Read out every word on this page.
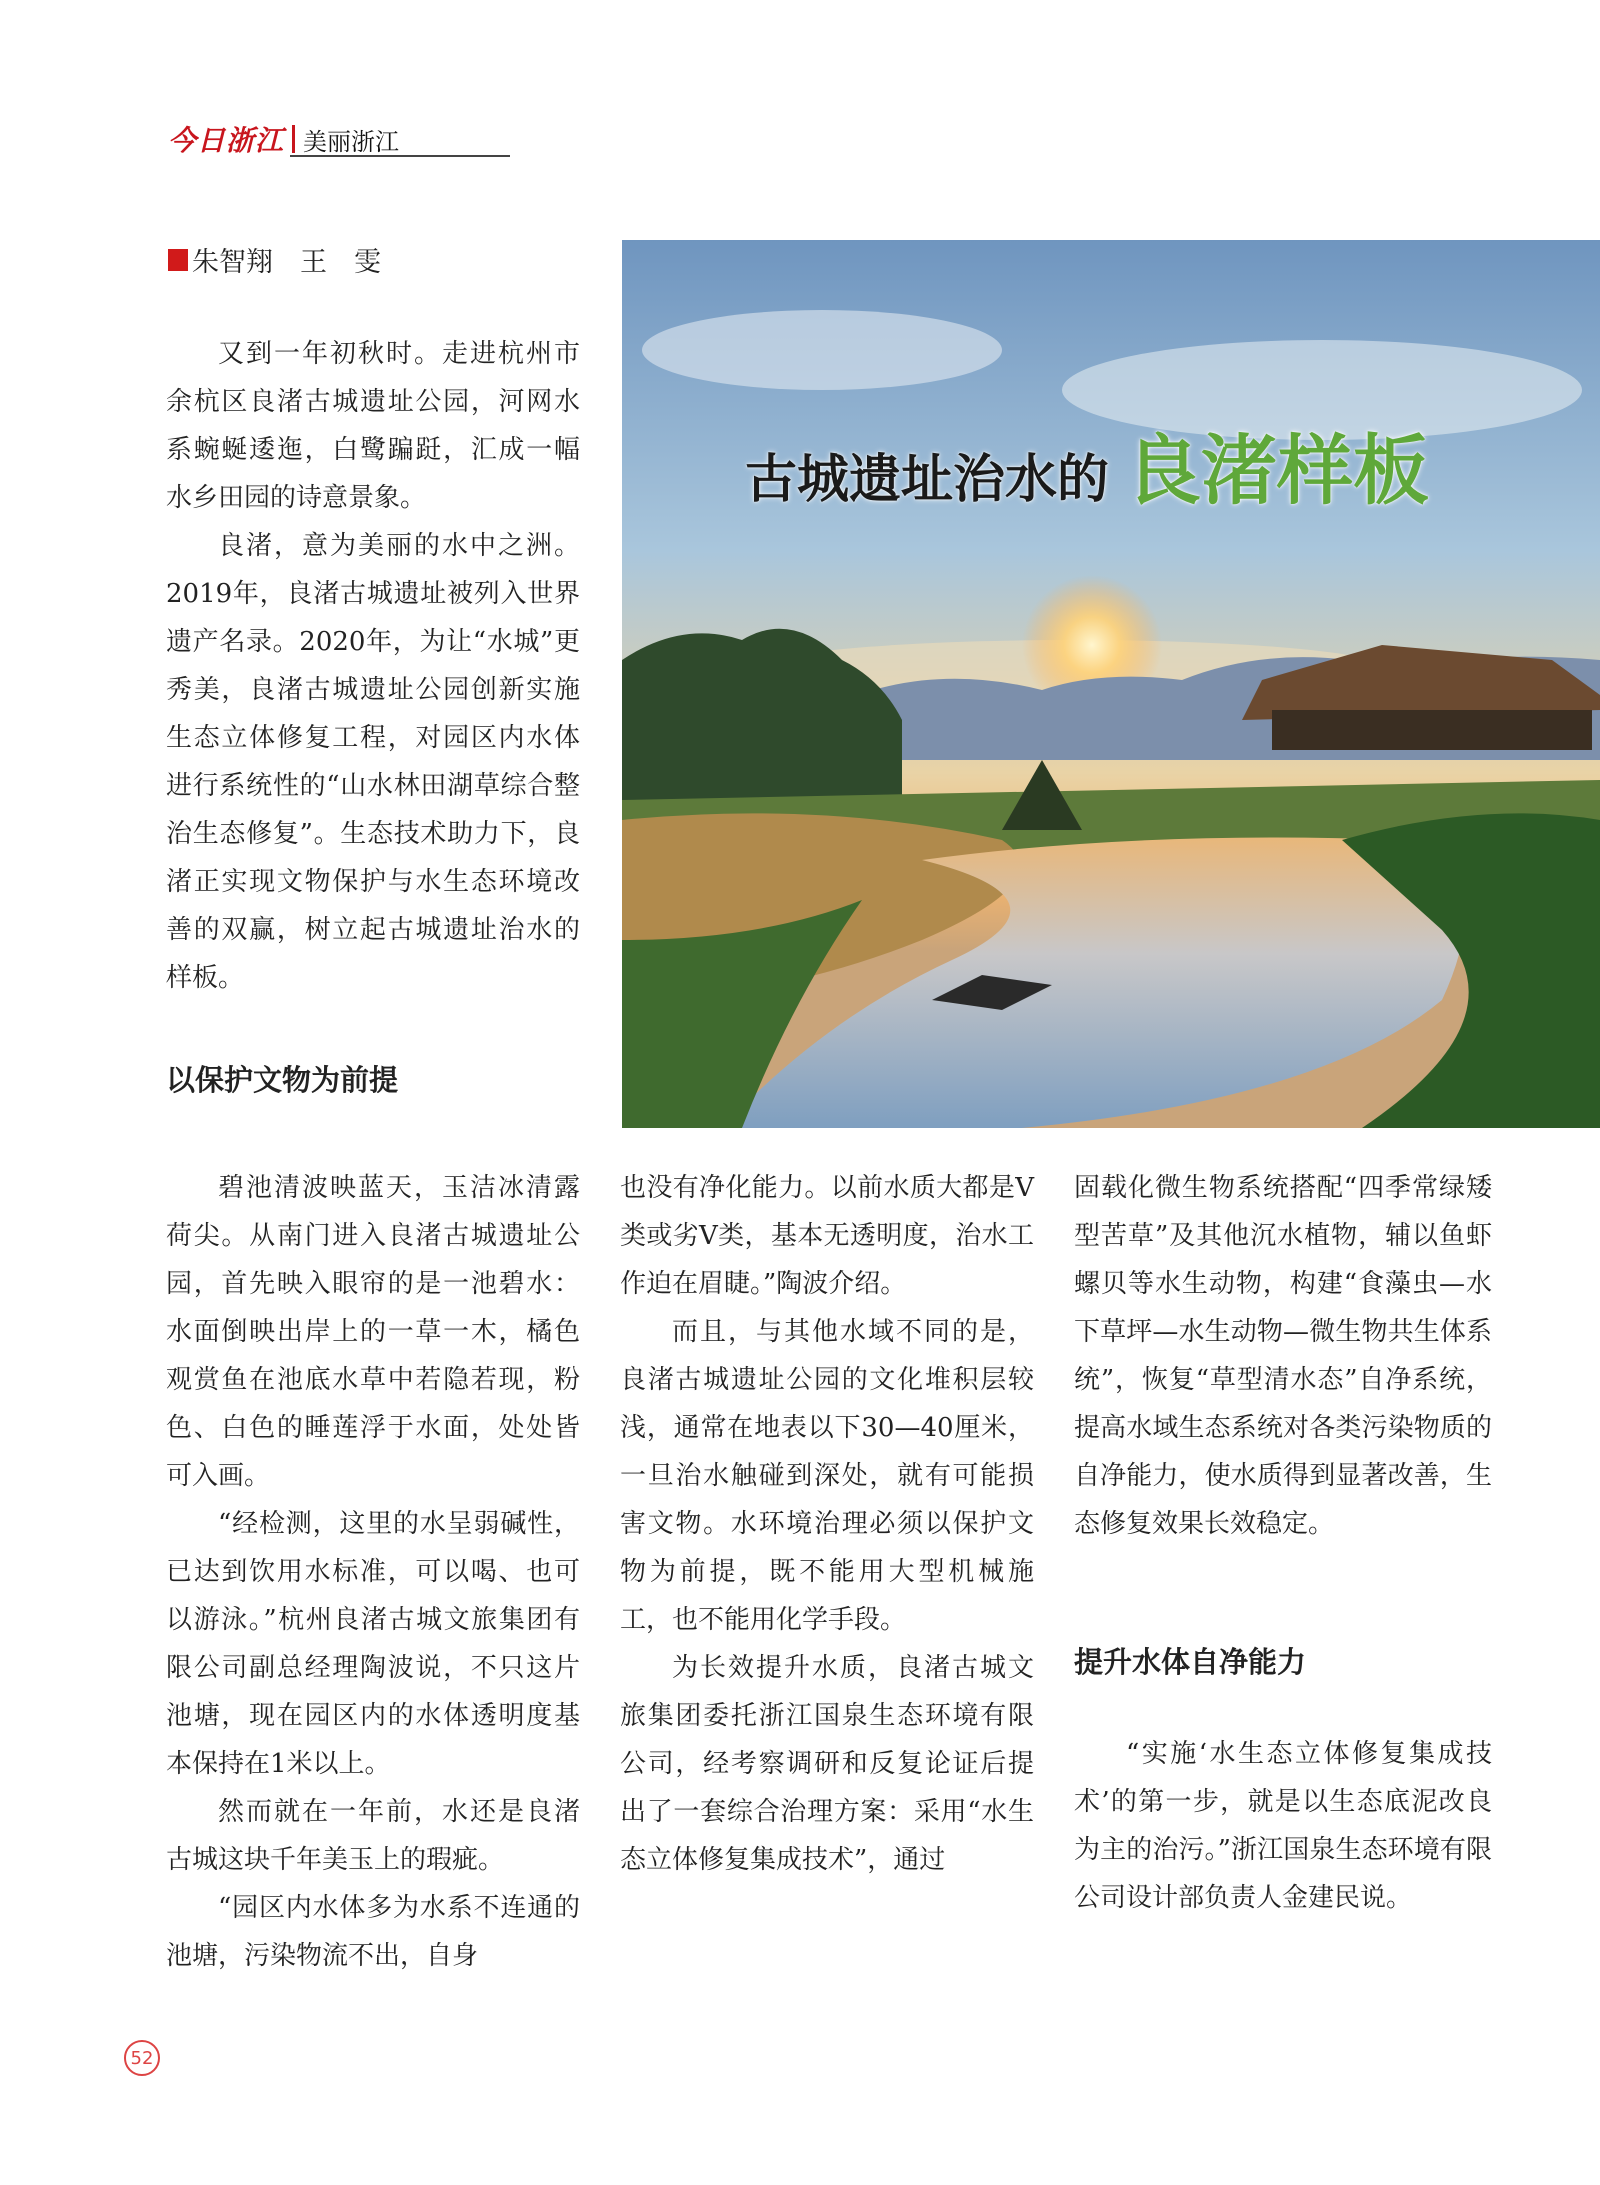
今日浙江 美丽浙江
朱智翔　王　雯
古城遗址治水的 良渚样板

又到一年初秋时。走进杭州市余杭区良渚古城遗址公园，河网水系蜿蜒逶迤，白鹭蹁跹，汇成一幅水乡田园的诗意景象。

良渚，意为美丽的水中之洲。2019年，良渚古城遗址被列入世界遗产名录。2020年，为让“水城”更秀美，良渚古城遗址公园创新实施生态立体修复工程，对园区内水体进行系统性的“山水林田湖草综合整治生态修复”。生态技术助力下，良渚正实现文物保护与水生态环境改善的双赢，树立起古城遗址治水的样板。

以保护文物为前提

碧池清波映蓝天，玉洁冰清露荷尖。从南门进入良渚古城遗址公园，首先映入眼帘的是一池碧水：水面倒映出岸上的一草一木，橘色观赏鱼在池底水草中若隐若现，粉色、白色的睡莲浮于水面，处处皆可入画。

“经检测，这里的水呈弱碱性，已达到饮用水标准，可以喝、也可以游泳。”杭州良渚古城文旅集团有限公司副总经理陶波说，不只这片池塘，现在园区内的水体透明度基本保持在1米以上。

然而就在一年前，水还是良渚古城这块千年美玉上的瑕疵。

“园区内水体多为水系不连通的池塘，污染物流不出，自身

也没有净化能力。以前水质大都是Ⅴ类或劣Ⅴ类，基本无透明度，治水工作迫在眉睫。”陶波介绍。

而且，与其他水域不同的是，良渚古城遗址公园的文化堆积层较浅，通常在地表以下30—40厘米，一旦治水触碰到深处，就有可能损害文物。水环境治理必须以保护文物为前提，既不能用大型机械施工，也不能用化学手段。

为长效提升水质，良渚古城文旅集团委托浙江国泉生态环境有限公司，经考察调研和反复论证后提出了一套综合治理方案：采用“水生态立体修复集成技术”，通过

固载化微生物系统搭配“四季常绿矮型苦草”及其他沉水植物，辅以鱼虾螺贝等水生动物，构建“食藻虫—水下草坪—水生动物—微生物共生体系统”，恢复“草型清水态”自净系统，提高水域生态系统对各类污染物质的自净能力，使水质得到显著改善，生态修复效果长效稳定。

提升水体自净能力

“实施‘水生态立体修复集成技术’的第一步，就是以生态底泥改良为主的治污。”浙江国泉生态环境有限公司设计部负责人金建民说。

52
